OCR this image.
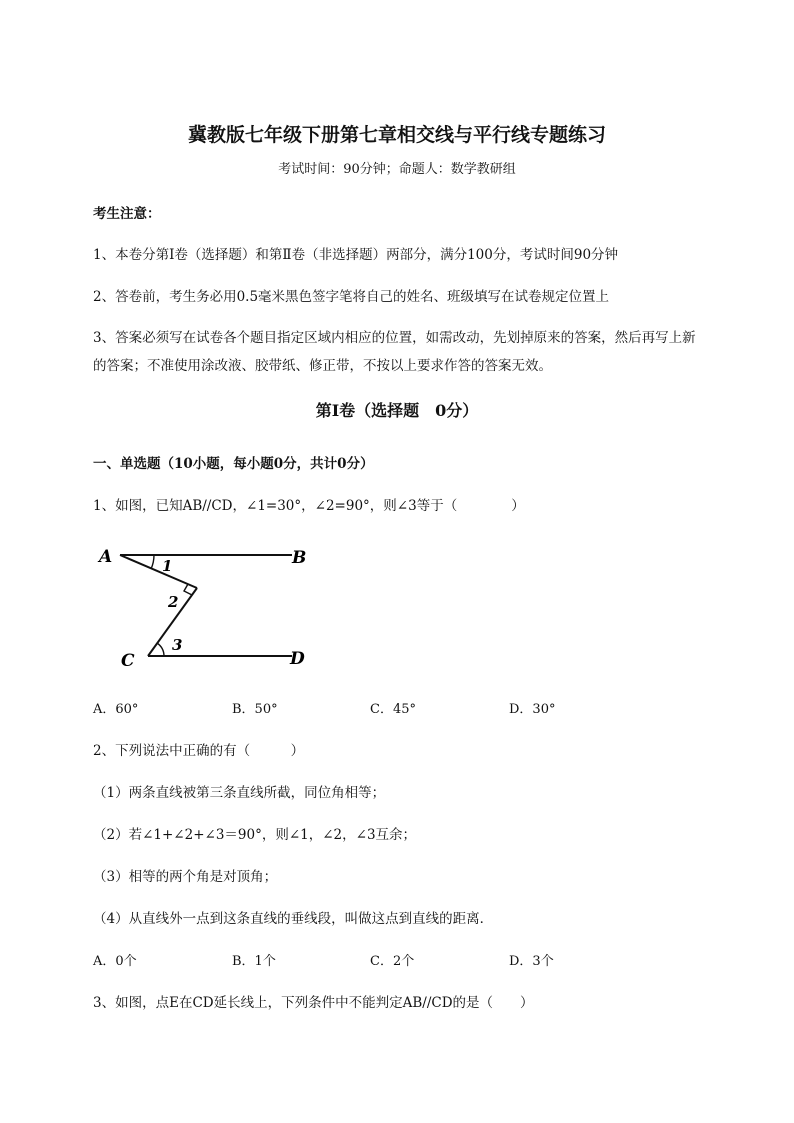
冀教版七年级下册第七章相交线与平行线专题练习
考试时间：90分钟；命题人：数学教研组
考生注意：
1、本卷分第I卷（选择题）和第Ⅱ卷（非选择题）两部分，满分100分，考试时间90分钟
2、答卷前，考生务必用0.5毫米黑色签字笔将自己的姓名、班级填写在试卷规定位置上
3、答案必须写在试卷各个题目指定区域内相应的位置，如需改动，先划掉原来的答案，然后再写上新
的答案；不准使用涂改液、胶带纸、修正带，不按以上要求作答的答案无效。
第I卷（选择题　0分）
一、单选题（10小题，每小题0分，共计0分）
1、如图，已知AB//CD，∠1=30°，∠2=90°，则∠3等于（　　　　）
A	B
C	D
1
2
3
A．60°	B．50°	C．45°	D．30°
2、下列说法中正确的有（　　　）
（1）两条直线被第三条直线所截，同位角相等；
（2）若∠1+∠2+∠3＝90°，则∠1，∠2，∠3互余；
（3）相等的两个角是对顶角；
（4）从直线外一点到这条直线的垂线段，叫做这点到直线的距离．
A．0个	B．1个	C．2个	D．3个
3、如图，点E在CD延长线上，下列条件中不能判定AB//CD的是（　　）
